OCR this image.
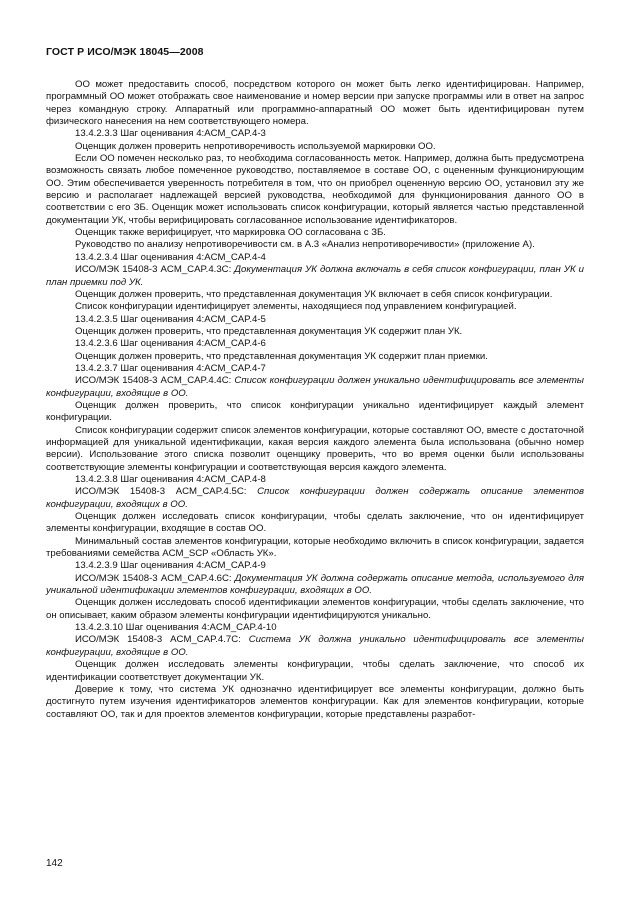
ГОСТ Р ИСО/МЭК 18045—2008

ОО может предоставить способ, посредством которого он может быть легко идентифицирован. Например, программный ОО может отображать свое наименование и номер версии при запуске программы или в ответ на запрос через командную строку. Аппаратный или программно-аппаратный ОО может быть идентифицирован путем физического нанесения на нем соответствующего номера.

13.4.2.3.3 Шаг оценивания 4:ACM_CAP.4-3

Оценщик должен проверить непротиворечивость используемой маркировки ОО.

Если ОО помечен несколько раз, то необходима согласованность меток. Например, должна быть предусмотрена возможность связать любое помеченное руководство, поставляемое в составе ОО, с оцененным функционирующим ОО. Этим обеспечивается уверенность потребителя в том, что он приобрел оцененную версию ОО, установил эту же версию и располагает надлежащей версией руководства, необходимой для функционирования данного ОО в соответствии с его ЗБ. Оценщик может использовать список конфигурации, который является частью представленной документации УК, чтобы верифицировать согласованное использование идентификаторов.

Оценщик также верифицирует, что маркировка ОО согласована с ЗБ.

Руководство по анализу непротиворечивости см. в А.3 «Анализ непротиворечивости» (приложение А).

13.4.2.3.4 Шаг оценивания 4:ACM_CAP.4-4

ИСО/МЭК 15408-3 ACM_CAP.4.3C: Документация УК должна включать в себя список конфигурации, план УК и план приемки под УК.

Оценщик должен проверить, что представленная документация УК включает в себя список конфигурации.

Список конфигурации идентифицирует элементы, находящиеся под управлением конфигурацией.

13.4.2.3.5 Шаг оценивания 4:ACM_CAP.4-5

Оценщик должен проверить, что представленная документация УК содержит план УК.

13.4.2.3.6 Шаг оценивания 4:ACM_CAP.4-6

Оценщик должен проверить, что представленная документация УК содержит план приемки.

13.4.2.3.7 Шаг оценивания 4:ACM_CAP.4-7

ИСО/МЭК 15408-3 ACM_CAP.4.4C: Список конфигурации должен уникально идентифицировать все элементы конфигурации, входящие в ОО.

Оценщик должен проверить, что список конфигурации уникально идентифицирует каждый элемент конфигурации.

Список конфигурации содержит список элементов конфигурации, которые составляют ОО, вместе с достаточной информацией для уникальной идентификации, какая версия каждого элемента была использована (обычно номер версии). Использование этого списка позволит оценщику проверить, что во время оценки были использованы соответствующие элементы конфигурации и соответствующая версия каждого элемента.

13.4.2.3.8 Шаг оценивания 4:ACM_CAP.4-8

ИСО/МЭК 15408-3 ACM_CAP.4.5C: Список конфигурации должен содержать описание элементов конфигурации, входящих в ОО.

Оценщик должен исследовать список конфигурации, чтобы сделать заключение, что он идентифицирует элементы конфигурации, входящие в состав ОО.

Минимальный состав элементов конфигурации, которые необходимо включить в список конфигурации, задается требованиями семейства ACM_SCP «Область УК».

13.4.2.3.9 Шаг оценивания 4:ACM_CAP.4-9

ИСО/МЭК 15408-3 ACM_CAP.4.6C: Документация УК должна содержать описание метода, используемого для уникальной идентификации элементов конфигурации, входящих в ОО.

Оценщик должен исследовать способ идентификации элементов конфигурации, чтобы сделать заключение, что он описывает, каким образом элементы конфигурации идентифицируются уникально.

13.4.2.3.10 Шаг оценивания 4:ACM_CAP.4-10

ИСО/МЭК 15408-3 ACM_CAP.4.7C: Система УК должна уникально идентифицировать все элементы конфигурации, входящие в ОО.

Оценщик должен исследовать элементы конфигурации, чтобы сделать заключение, что способ их идентификации соответствует документации УК.

Доверие к тому, что система УК однозначно идентифицирует все элементы конфигурации, должно быть достигнуто путем изучения идентификаторов элементов конфигурации. Как для элементов конфигурации, которые составляют ОО, так и для проектов элементов конфигурации, которые представлены разработ-

142
